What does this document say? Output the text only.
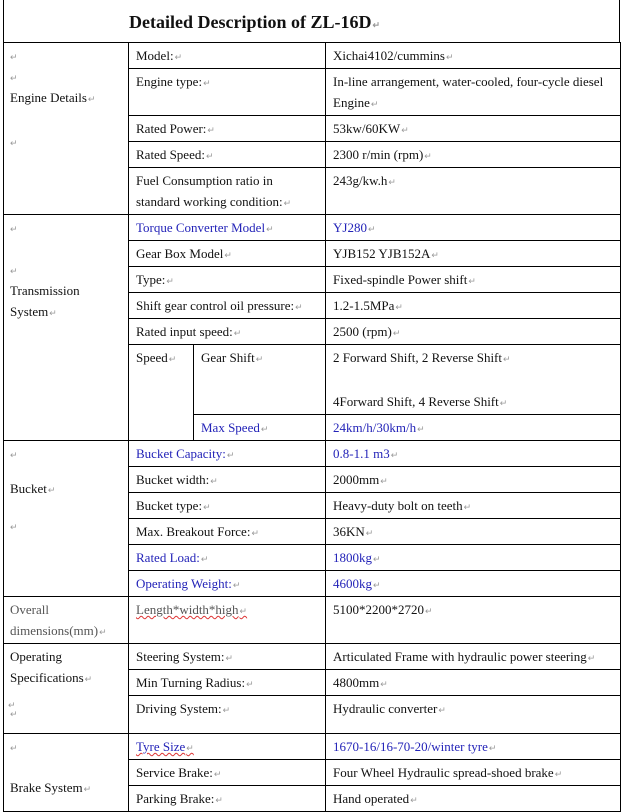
Detailed Description of ZL-16D ↵
↵
↵
Engine Details ↵
↵	Model: ↵		Xichai4102/cummins ↵
	Engine type: ↵		In-line arrangement, water-cooled, four-cycle diesel Engine ↵
	Rated Power: ↵		53kw/60KW ↵
	Rated Speed: ↵		2300 r/min (rpm) ↵
	Fuel Consumption ratio in standard working condition: ↵		243g/kw.h ↵

↵
↵
Transmission System ↵	Torque Converter Model ↵		YJ280 ↵
	Gear Box Model ↵		YJB152 YJB152A ↵
	Type: ↵		Fixed-spindle Power shift ↵
	Shift gear control oil pressure: ↵		1.2-1.5MPa ↵
	Rated input speed: ↵		2500 (rpm) ↵
	Speed ↵	Gear Shift ↵	2 Forward Shift, 2 Reverse Shift ↵

4Forward Shift, 4 Reverse Shift ↵
		Max Speed ↵	24km/h/30km/h ↵

↵
Bucket ↵
↵	Bucket Capacity: ↵		0.8-1.1 m3 ↵
	Bucket width: ↵		2000mm ↵
	Bucket type: ↵		Heavy-duty bolt on teeth ↵
	Max. Breakout Force: ↵		36KN ↵
	Rated Load: ↵		1800kg ↵
	Operating Weight: ↵		4600kg ↵
Overall dimensions(mm) ↵	Length*width*high ↵		5100*2200*2720 ↵
Operating Specifications ↵
↵	Steering System: ↵		Articulated Frame with hydraulic power steering ↵
	Min Turning Radius: ↵		4800mm ↵
	Driving System: ↵		Hydraulic converter ↵

↵
Brake System ↵	Tyre Size ↵		1670-16/16-70-20/winter tyre ↵
	Service Brake: ↵		Four Wheel Hydraulic spread-shoed brake ↵
	Parking Brake: ↵		Hand operated ↵
↵
